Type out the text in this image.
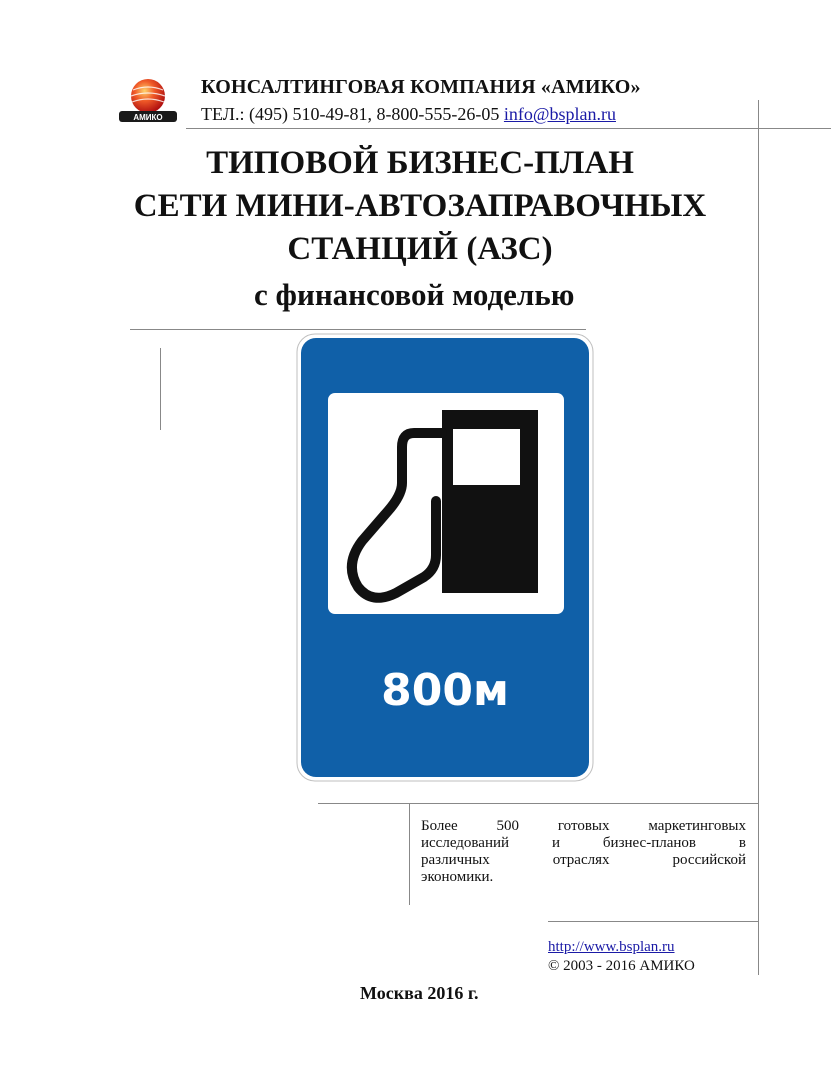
АМИКО
КОНСАЛТИНГОВАЯ КОМПАНИЯ «АМИКО»
ТЕЛ.: (495) 510-49-81, 8-800-555-26-05 info@bsplan.ru
ТИПОВОЙ БИЗНЕС-ПЛАН
СЕТИ МИНИ-АВТОЗАПРАВОЧНЫХ
СТАНЦИЙ (АЗС)
с финансовой моделью
800м
Более 500 готовых маркетинговых
исследований и бизнес-планов в
различных отраслях российской
экономики.
http://www.bsplan.ru
© 2003 - 2016 АМИКО
Москва 2016 г.
